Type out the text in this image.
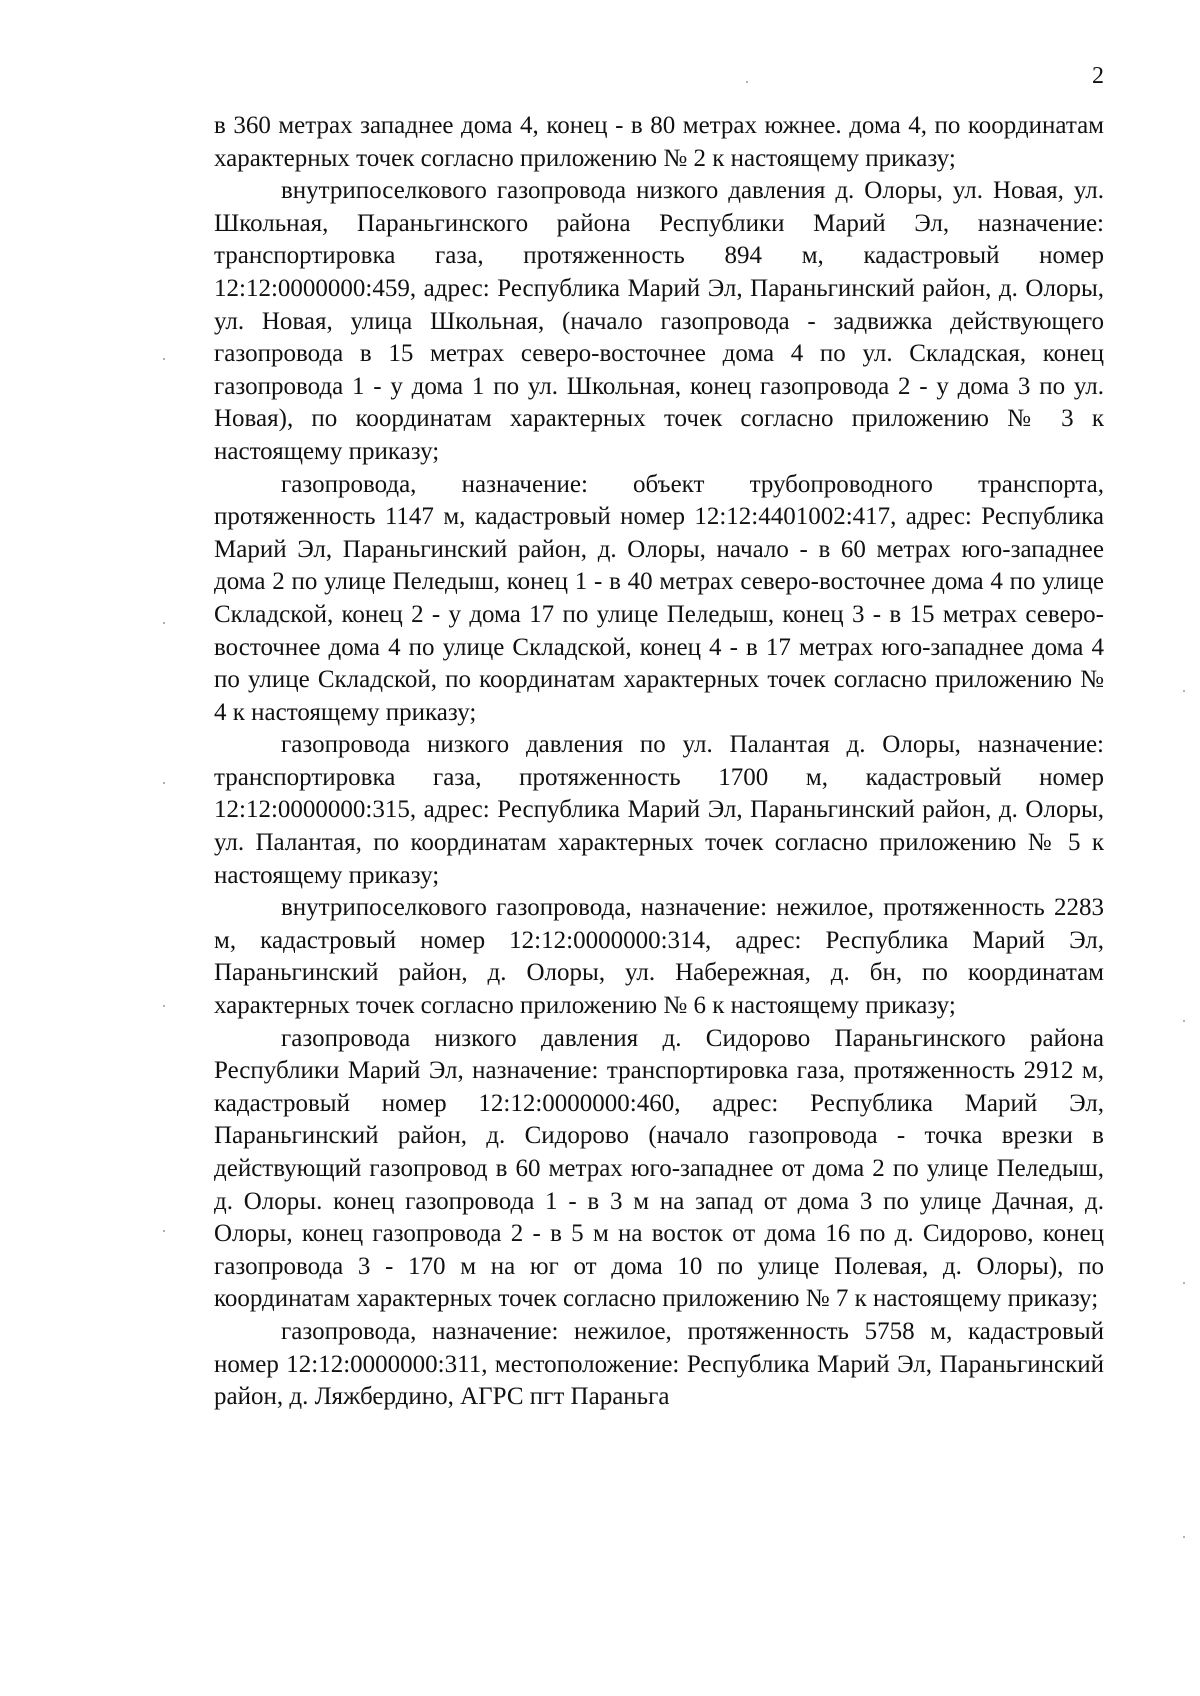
2

в 360 метрах западнее дома 4, конец - в 80 метрах южнее. дома 4, по координатам характерных точек согласно приложению № 2 к настоящему приказу;

внутрипоселкового газопровода низкого давления д. Олоры, ул. Новая, ул. Школьная, Параньгинского района Республики Марий Эл, назначение: транспортировка газа, протяженность 894 м, кадастровый номер 12:12:0000000:459, адрес: Республика Марий Эл, Параньгинский район, д. Олоры, ул. Новая, улица Школьная, (начало газопровода - задвижка действующего газопровода в 15 метрах северо-восточнее дома 4 по ул. Складская, конец газопровода 1 - у дома 1 по ул. Школьная, конец газопровода 2 - у дома 3 по ул. Новая), по координатам характерных точек согласно приложению № 3 к настоящему приказу;

газопровода, назначение: объект трубопроводного транспорта, протяженность 1147 м, кадастровый номер 12:12:4401002:417, адрес: Республика Марий Эл, Параньгинский район, д. Олоры, начало - в 60 метрах юго-западнее дома 2 по улице Пеледыш, конец 1 - в 40 метрах северо-восточнее дома 4 по улице Складской, конец 2 - у дома 17 по улице Пеледыш, конец 3 - в 15 метрах северо-восточнее дома 4 по улице Складской, конец 4 - в 17 метрах юго-западнее дома 4 по улице Складской, по координатам характерных точек согласно приложению № 4 к настоящему приказу;

газопровода низкого давления по ул. Палантая д. Олоры, назначение: транспортировка газа, протяженность 1700 м, кадастровый номер 12:12:0000000:315, адрес: Республика Марий Эл, Параньгинский район, д. Олоры, ул. Палантая, по координатам характерных точек согласно приложению № 5 к настоящему приказу;

внутрипоселкового газопровода, назначение: нежилое, протяженность 2283 м, кадастровый номер 12:12:0000000:314, адрес: Республика Марий Эл, Параньгинский район, д. Олоры, ул. Набережная, д. бн, по координатам характерных точек согласно приложению № 6 к настоящему приказу;

газопровода низкого давления д. Сидорово Параньгинского района Республики Марий Эл, назначение: транспортировка газа, протяженность 2912 м, кадастровый номер 12:12:0000000:460, адрес: Республика Марий Эл, Параньгинский район, д. Сидорово (начало газопровода - точка врезки в действующий газопровод в 60 метрах юго-западнее от дома 2 по улице Пеледыш, д. Олоры. конец газопровода 1 - в 3 м на запад от дома 3 по улице Дачная, д. Олоры, конец газопровода 2 - в 5 м на восток от дома 16 по д. Сидорово, конец газопровода 3 - 170 м на юг от дома 10 по улице Полевая, д. Олоры), по координатам характерных точек согласно приложению № 7 к настоящему приказу;

газопровода, назначение: нежилое, протяженность 5758 м, кадастровый номер 12:12:0000000:311, местоположение: Республика Марий Эл, Параньгинский район, д. Ляжбердино, АГРС пгт Параньга
